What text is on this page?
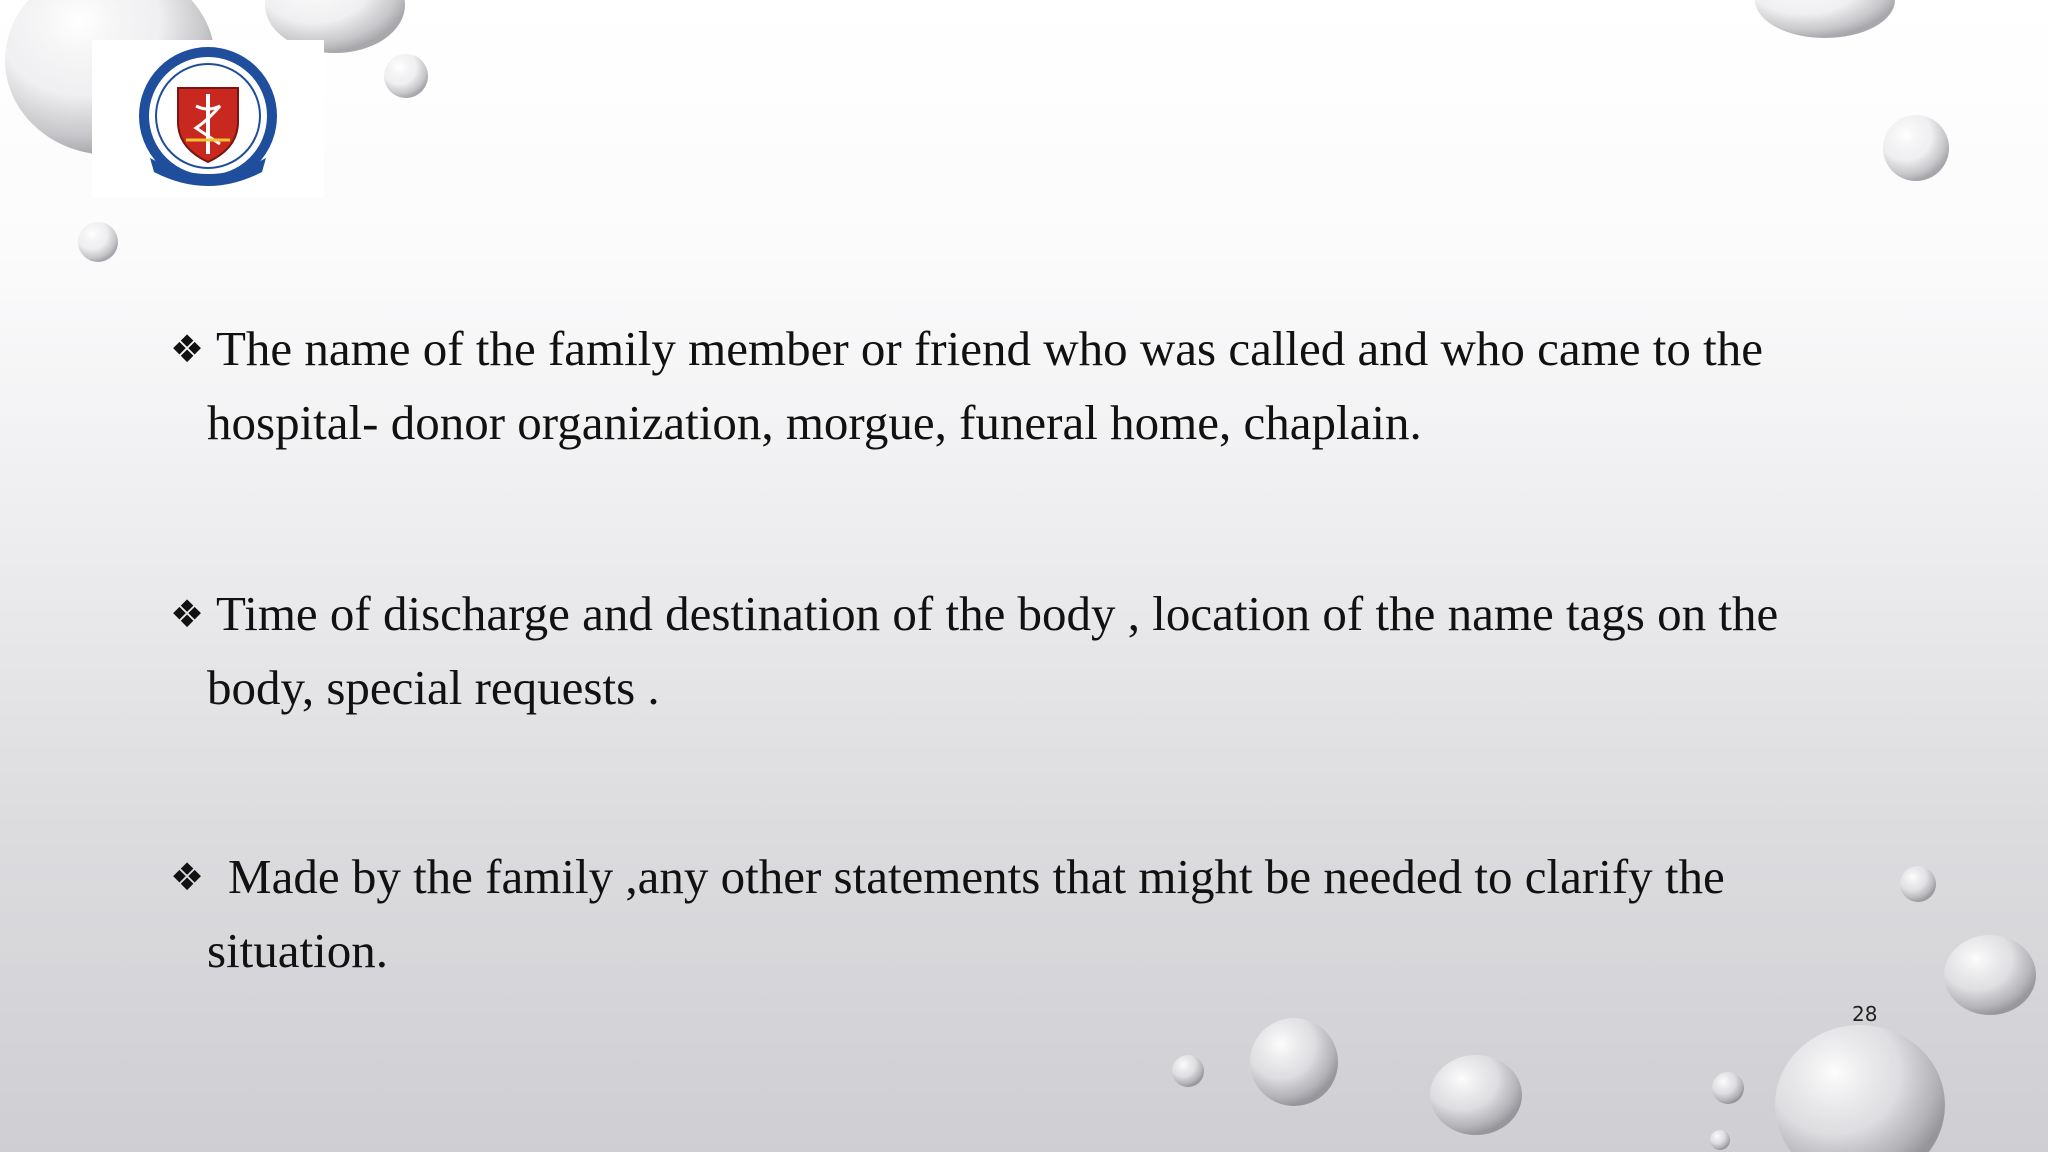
❖ The name of the family member or friend who was called and who came to the
hospital- donor organization, morgue, funeral home, chaplain.
❖ Time of discharge and destination of the body , location of the name tags on the
body, special requests .
❖ Made by the family ,any other statements that might be needed to clarify the
situation.
28
